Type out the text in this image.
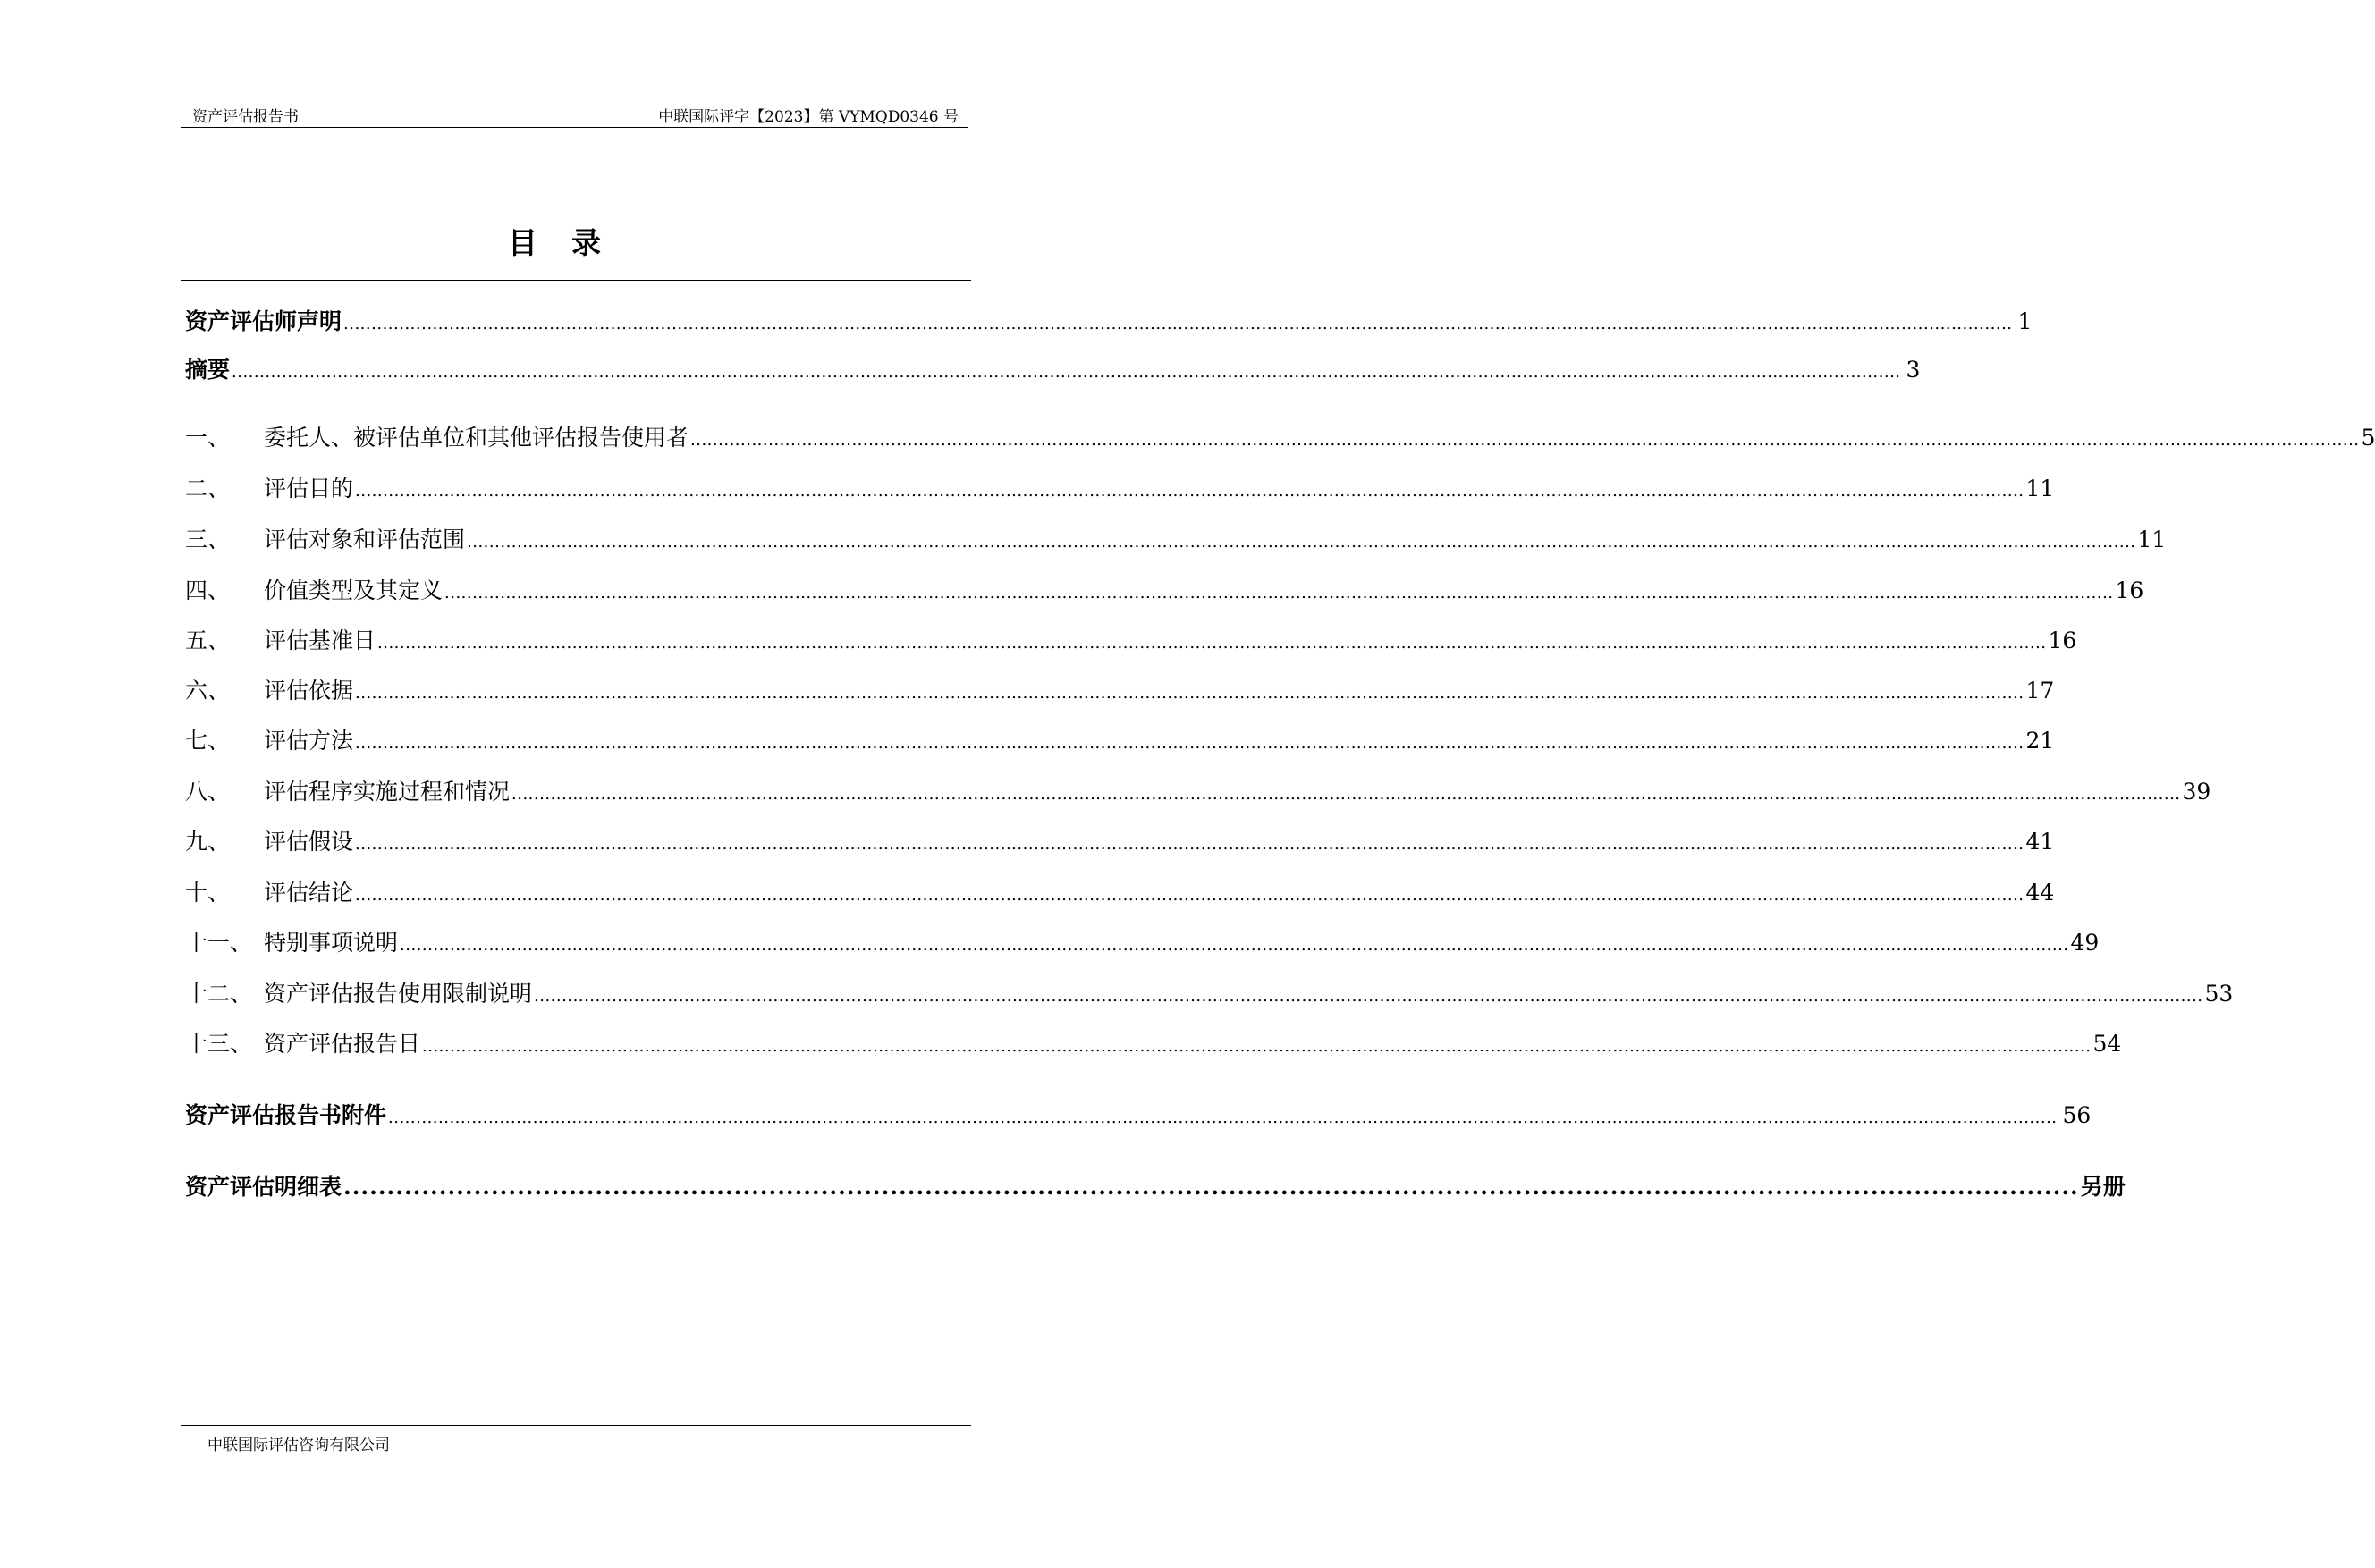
资产评估报告书	中联国际评字【2023】第 VYMQD0346 号
目录
资产评估师声明 ............................................................................................................................................................................................................................................................................................................ 1
摘要 ............................................................................................................................................................................................................................................................................................................ 3
一、	委托人、被评估单位和其他评估报告使用者 ............................................................................................................................................................................................................................................................................................................ 5
二、	评估目的 ............................................................................................................................................................................................................................................................................................................ 11
三、	评估对象和评估范围 ............................................................................................................................................................................................................................................................................................................ 11
四、	价值类型及其定义 ............................................................................................................................................................................................................................................................................................................ 16
五、	评估基准日 ............................................................................................................................................................................................................................................................................................................ 16
六、	评估依据 ............................................................................................................................................................................................................................................................................................................ 17
七、	评估方法 ............................................................................................................................................................................................................................................................................................................ 21
八、	评估程序实施过程和情况 ............................................................................................................................................................................................................................................................................................................ 39
九、	评估假设 ............................................................................................................................................................................................................................................................................................................ 41
十、	评估结论 ............................................................................................................................................................................................................................................................................................................ 44
十一、 特别事项说明 ............................................................................................................................................................................................................................................................................................................ 49
十二、 资产评估报告使用限制说明 ............................................................................................................................................................................................................................................................................................................ 53
十三、 资产评估报告日 ............................................................................................................................................................................................................................................................................................................ 54
资产评估报告书附件 ............................................................................................................................................................................................................................................................................................................ 56
资产评估明细表 ........................................................................................................................................................................................................ 另册
中联国际评估咨询有限公司
